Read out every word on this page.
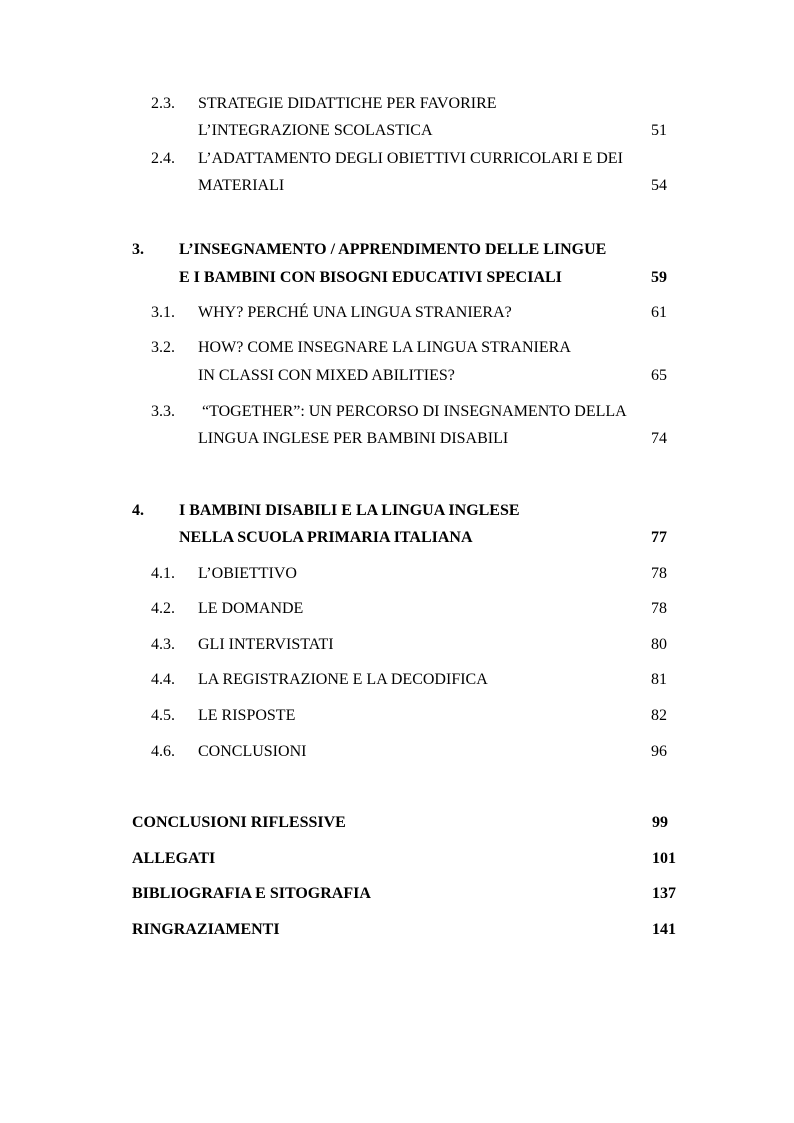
2.3. STRATEGIE DIDATTICHE PER FAVORIRE
L’INTEGRAZIONE SCOLASTICA	51
2.4. L’ADATTAMENTO DEGLI OBIETTIVI CURRICOLARI E DEI
MATERIALI	54
3. L’INSEGNAMENTO / APPRENDIMENTO DELLE LINGUE
E I BAMBINI CON BISOGNI EDUCATIVI SPECIALI	59
3.1. WHY? PERCHÉ UNA LINGUA STRANIERA?	61
3.2. HOW? COME INSEGNARE LA LINGUA STRANIERA
IN CLASSI CON MIXED ABILITIES?	65
3.3. “TOGETHER”: UN PERCORSO DI INSEGNAMENTO DELLA
LINGUA INGLESE PER BAMBINI DISABILI	74
4. I BAMBINI DISABILI E LA LINGUA INGLESE
NELLA SCUOLA PRIMARIA ITALIANA	77
4.1. L’OBIETTIVO	78
4.2. LE DOMANDE	78
4.3. GLI INTERVISTATI	80
4.4. LA REGISTRAZIONE E LA DECODIFICA	81
4.5. LE RISPOSTE	82
4.6. CONCLUSIONI	96
CONCLUSIONI RIFLESSIVE	99
ALLEGATI	101
BIBLIOGRAFIA E SITOGRAFIA	137
RINGRAZIAMENTI	141
